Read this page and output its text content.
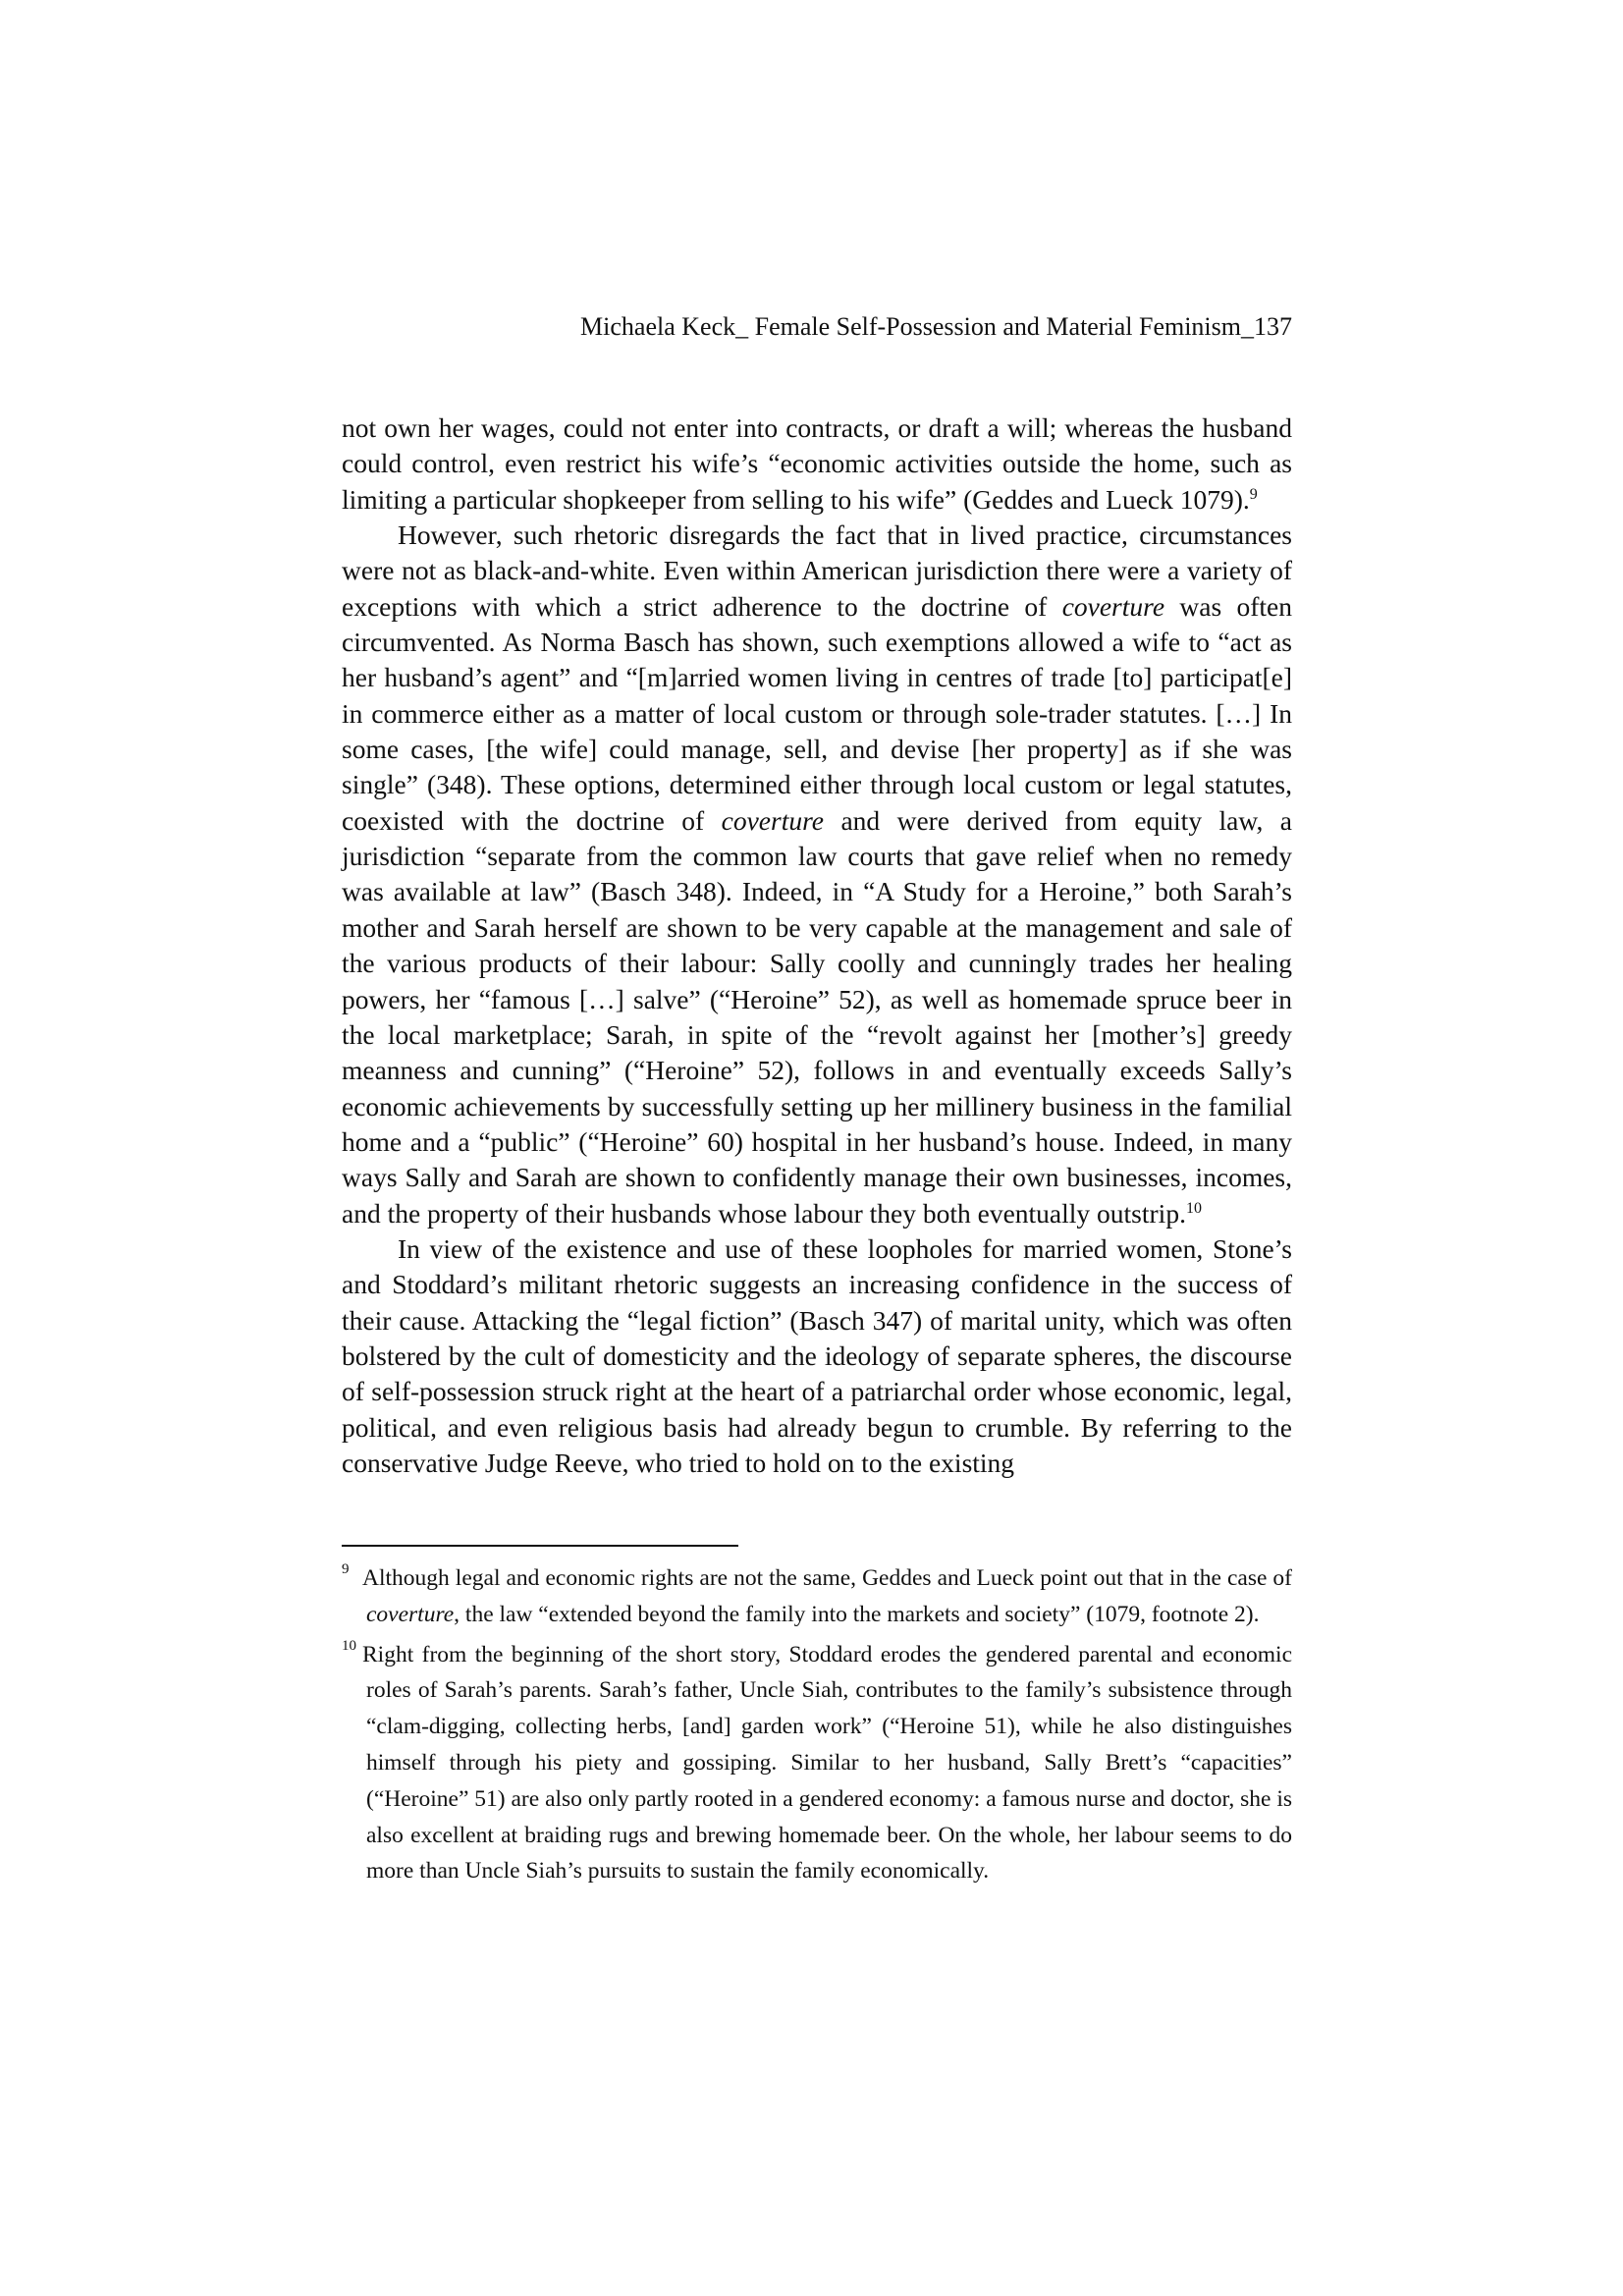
Michaela Keck_ Female Self-Possession and Material Feminism_137

not own her wages, could not enter into contracts, or draft a will; whereas the husband could control, even restrict his wife’s “economic activities outside the home, such as limiting a particular shopkeeper from selling to his wife” (Geddes and Lueck 1079).$^9$

However, such rhetoric disregards the fact that in lived practice, circumstances were not as black-and-white. Even within American jurisdiction there were a variety of exceptions with which a strict adherence to the doctrine of coverture was often circumvented. As Norma Basch has shown, such exemptions allowed a wife to “act as her husband’s agent” and “[m]arried women living in centres of trade [to] participat[e] in commerce either as a matter of local custom or through sole-trader statutes. […] In some cases, [the wife] could manage, sell, and devise [her property] as if she was single” (348). These options, determined either through local custom or legal statutes, coexisted with the doctrine of coverture and were derived from equity law, a jurisdiction “separate from the common law courts that gave relief when no remedy was available at law” (Basch 348). Indeed, in “A Study for a Heroine,” both Sarah’s mother and Sarah herself are shown to be very capable at the management and sale of the various products of their labour: Sally coolly and cunningly trades her healing powers, her “famous […] salve” (“Heroine” 52), as well as homemade spruce beer in the local marketplace; Sarah, in spite of the “revolt against her [mother’s] greedy meanness and cunning” (“Heroine” 52), follows in and eventually exceeds Sally’s economic achievements by successfully setting up her millinery business in the familial home and a “public” (“Heroine” 60) hospital in her husband’s house. Indeed, in many ways Sally and Sarah are shown to confidently manage their own businesses, incomes, and the property of their husbands whose labour they both eventually outstrip.$^{10}$

In view of the existence and use of these loopholes for married women, Stone’s and Stoddard’s militant rhetoric suggests an increasing confidence in the success of their cause. Attacking the “legal fiction” (Basch 347) of marital unity, which was often bolstered by the cult of domesticity and the ideology of separate spheres, the discourse of self-possession struck right at the heart of a patriarchal order whose economic, legal, political, and even religious basis had already begun to crumble. By referring to the conservative Judge Reeve, who tried to hold on to the existing

9 Although legal and economic rights are not the same, Geddes and Lueck point out that in the case of coverture, the law “extended beyond the family into the markets and society” (1079, footnote 2).

10 Right from the beginning of the short story, Stoddard erodes the gendered parental and economic roles of Sarah’s parents. Sarah’s father, Uncle Siah, contributes to the family’s subsistence through “clam-digging, collecting herbs, [and] garden work” (“Heroine 51), while he also distinguishes himself through his piety and gossiping. Similar to her husband, Sally Brett’s “capacities” (“Heroine” 51) are also only partly rooted in a gendered economy: a famous nurse and doctor, she is also excellent at braiding rugs and brewing homemade beer. On the whole, her labour seems to do more than Uncle Siah’s pursuits to sustain the family economically.
